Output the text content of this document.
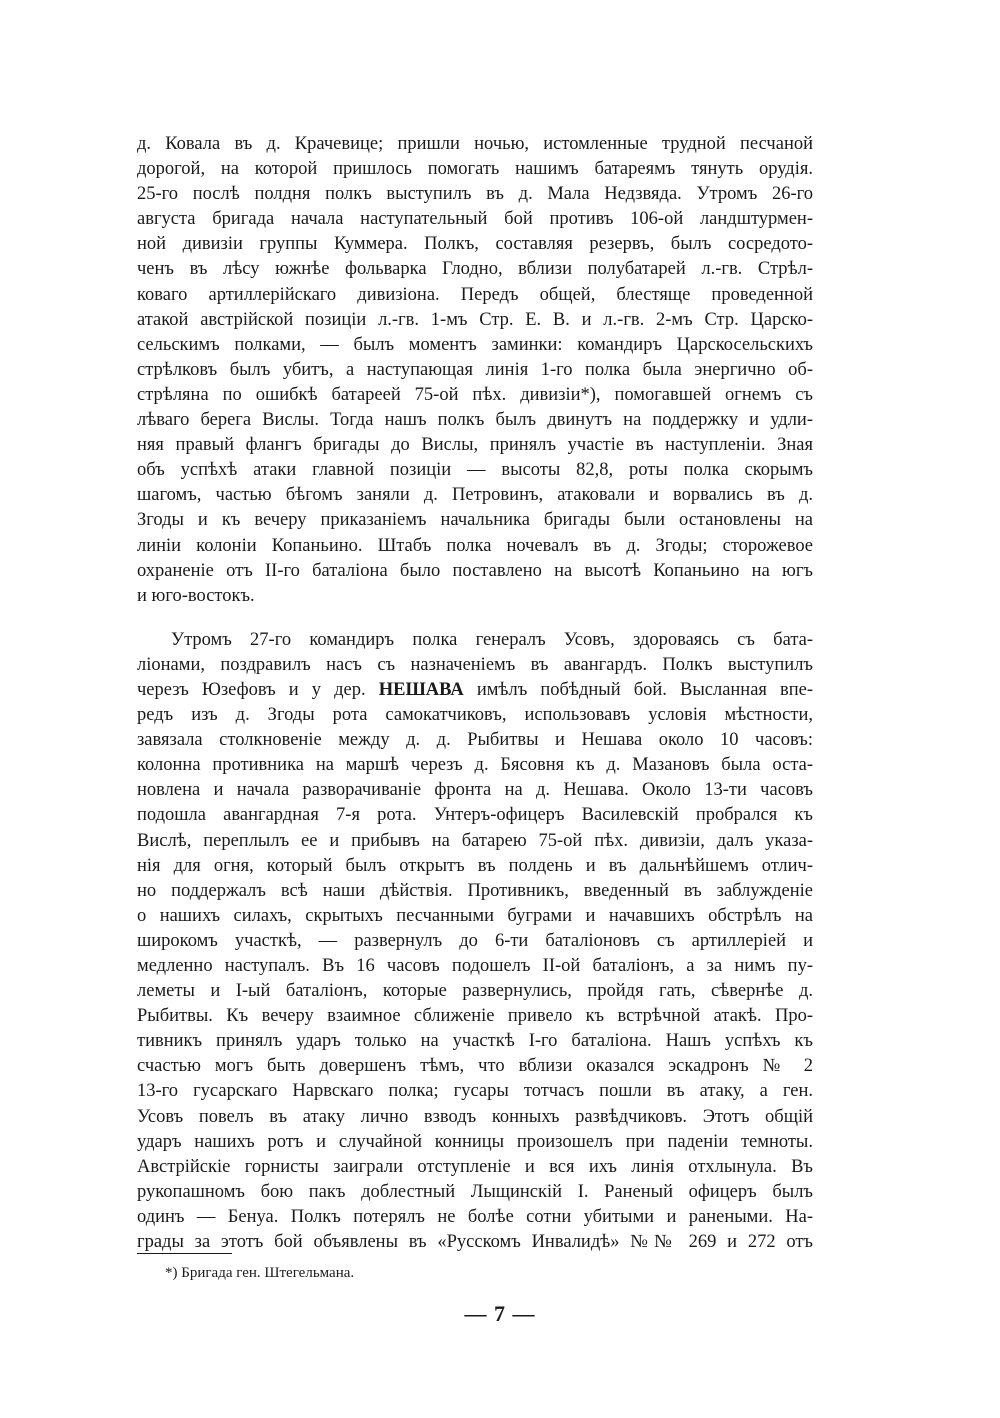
д. Ковала въ д. Крачевице; пришли ночью, истомленные трудной песчаной
дорогой, на которой пришлось помогать нашимъ батареямъ тянуть орудія.
25-го послѣ полдня полкъ выступилъ въ д. Мала Недзвяда. Утромъ 26-го
августа бригада начала наступательный бой противъ 106-ой ландштурмен-
ной дивизіи группы Куммера. Полкъ, составляя резервъ, былъ сосредото-
ченъ въ лѣсу южнѣе фольварка Глодно, вблизи полубатарей л.-гв. Стрѣл-
коваго артиллерійскаго дивизіона. Передъ общей, блестяще проведенной
атакой австрійской позиціи л.-гв. 1-мъ Стр. Е. В. и л.-гв. 2-мъ Стр. Царско-
сельскимъ полками, — былъ моментъ заминки: командиръ Царскосельскихъ
стрѣлковъ былъ убитъ, а наступающая линія 1-го полка была энергично об-
стрѣляна по ошибкѣ батареей 75-ой пѣх. дивизіи*), помогавшей огнемъ съ
лѣваго берега Вислы. Тогда нашъ полкъ былъ двинутъ на поддержку и удли-
няя правый флангъ бригады до Вислы, принялъ участіе въ наступленіи. Зная
объ успѣхѣ атаки главной позиціи — высоты 82,8, роты полка скорымъ
шагомъ, частью бѣгомъ заняли д. Петровинъ, атаковали и ворвались въ д.
Згоды и къ вечеру приказаніемъ начальника бригады были остановлены на
линіи колоніи Копаньино. Штабъ полка ночевалъ въ д. Згоды; сторожевое
охраненіе отъ II-го баталіона было поставлено на высотѣ Копаньино на югъ
и юго-востокъ.
Утромъ 27-го командиръ полка генералъ Усовъ, здороваясь съ бата-
ліонами, поздравилъ насъ съ назначеніемъ въ авангардъ. Полкъ выступилъ
черезъ Юзефовъ и у дер. НЕШАВА имѣлъ побѣдный бой. Высланная впе-
редъ изъ д. Згоды рота самокатчиковъ, использовавъ условія мѣстности,
завязала столкновеніе между д. д. Рыбитвы и Нешава около 10 часовъ:
колонна противника на маршѣ черезъ д. Бясовня къ д. Мазановъ была оста-
новлена и начала разворачиваніе фронта на д. Нешава. Около 13-ти часовъ
подошла авангардная 7-я рота. Унтеръ-офицеръ Василевскій пробрался къ
Вислѣ, переплылъ ее и прибывъ на батарею 75-ой пѣх. дивизіи, далъ указа-
нія для огня, который былъ открытъ въ полдень и въ дальнѣйшемъ отлич-
но поддержалъ всѣ наши дѣйствія. Противникъ, введенный въ заблужденіе
о нашихъ силахъ, скрытыхъ песчанными буграми и начавшихъ обстрѣлъ на
широкомъ участкѣ, — развернулъ до 6-ти баталіоновъ съ артиллеріей и
медленно наступалъ. Въ 16 часовъ подошелъ II-ой баталіонъ, а за нимъ пу-
леметы и I-ый баталіонъ, которые развернулись, пройдя гать, сѣвернѣе д.
Рыбитвы. Къ вечеру взаимное сближеніе привело къ встрѣчной атакѣ. Про-
тивникъ принялъ ударъ только на участкѣ I-го баталіона. Нашъ успѣхъ къ
счастью могъ быть довершенъ тѣмъ, что вблизи оказался эскадронъ № 2
13-го гусарскаго Нарвскаго полка; гусары тотчасъ пошли въ атаку, а ген.
Усовъ повелъ въ атаку лично взводъ конныхъ развѣдчиковъ. Этотъ общій
ударъ нашихъ ротъ и случайной конницы произошелъ при паденіи темноты.
Австрійскіе горнисты заиграли отступленіе и вся ихъ линія отхлынула. Въ
рукопашномъ бою пакъ доблестный Лыщинскій I. Раненый офицеръ былъ
одинъ — Бенуа. Полкъ потерялъ не болѣе сотни убитыми и ранеными. На-
грады за этотъ бой объявлены въ «Русскомъ Инвалидѣ» №№ 269 и 272 отъ
*) Бригада ген. Штегельмана.
— 7 —
